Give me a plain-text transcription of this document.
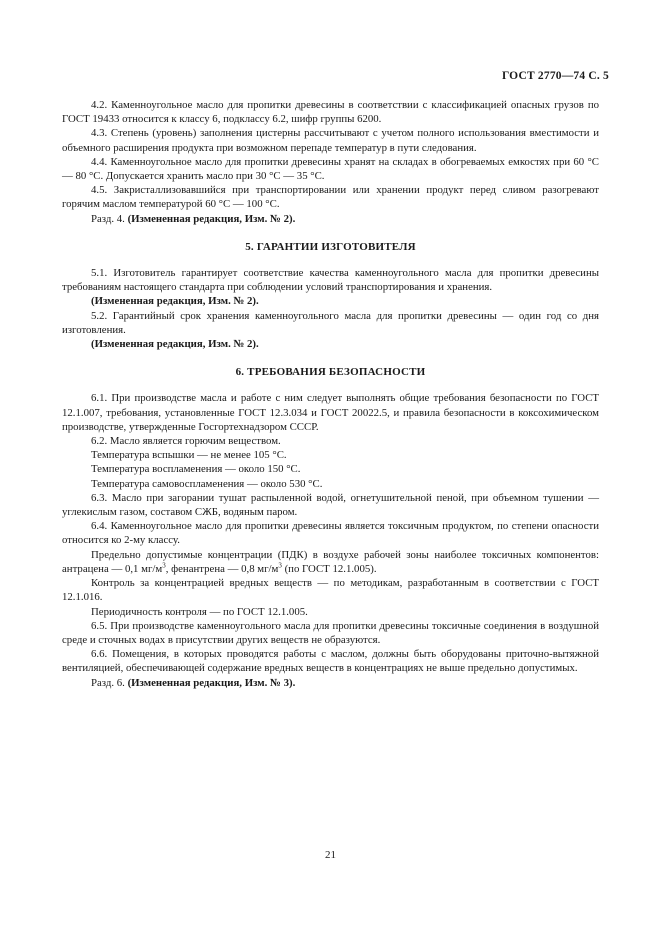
ГОСТ 2770—74 С. 5

4.2. Каменноугольное масло для пропитки древесины в соответствии с классификацией опасных грузов по ГОСТ 19433 относится к классу 6, подклассу 6.2, шифр группы 6200.

4.3. Степень (уровень) заполнения цистерны рассчитывают с учетом полного использования вместимости и объемного расширения продукта при возможном перепаде температур в пути следования.

4.4. Каменноугольное масло для пропитки древесины хранят на складах в обогреваемых емкостях при 60 °С — 80 °С. Допускается хранить масло при 30 °С — 35 °С.

4.5. Закристаллизовавшийся при транспортировании или хранении продукт перед сливом разогревают горячим маслом температурой 60 °С — 100 °С.

Разд. 4. (Измененная редакция, Изм. № 2).

5. ГАРАНТИИ ИЗГОТОВИТЕЛЯ

5.1. Изготовитель гарантирует соответствие качества каменноугольного масла для пропитки древесины требованиям настоящего стандарта при соблюдении условий транспортирования и хранения.

(Измененная редакция, Изм. № 2).

5.2. Гарантийный срок хранения каменноугольного масла для пропитки древесины — один год со дня изготовления.

(Измененная редакция, Изм. № 2).

6. ТРЕБОВАНИЯ БЕЗОПАСНОСТИ

6.1. При производстве масла и работе с ним следует выполнять общие требования безопасности по ГОСТ 12.1.007, требования, установленные ГОСТ 12.3.034 и ГОСТ 20022.5, и правила безопасности в коксохимическом производстве, утвержденные Госгортехнадзором СССР.

6.2. Масло является горючим веществом.

Температура вспышки — не менее 105 °С.

Температура воспламенения — около 150 °С.

Температура самовоспламенения — около 530 °С.

6.3. Масло при загорании тушат распыленной водой, огнетушительной пеной, при объемном тушении — углекислым газом, составом СЖБ, водяным паром.

6.4. Каменноугольное масло для пропитки древесины является токсичным продуктом, по степени опасности относится ко 2-му классу.

Предельно допустимые концентрации (ПДК) в воздухе рабочей зоны наиболее токсичных компонентов: антрацена — 0,1 $мг/м^3$, фенантрена — 0,8 $мг/м^3$ (по ГОСТ 12.1.005).

Контроль за концентрацией вредных веществ — по методикам, разработанным в соответствии с ГОСТ 12.1.016.

Периодичность контроля — по ГОСТ 12.1.005.

6.5. При производстве каменноугольного масла для пропитки древесины токсичные соединения в воздушной среде и сточных водах в присутствии других веществ не образуются.

6.6. Помещения, в которых проводятся работы с маслом, должны быть оборудованы приточно-вытяжной вентиляцией, обеспечивающей содержание вредных веществ в концентрациях не выше предельно допустимых.

Разд. 6. (Измененная редакция, Изм. № 3).

21
